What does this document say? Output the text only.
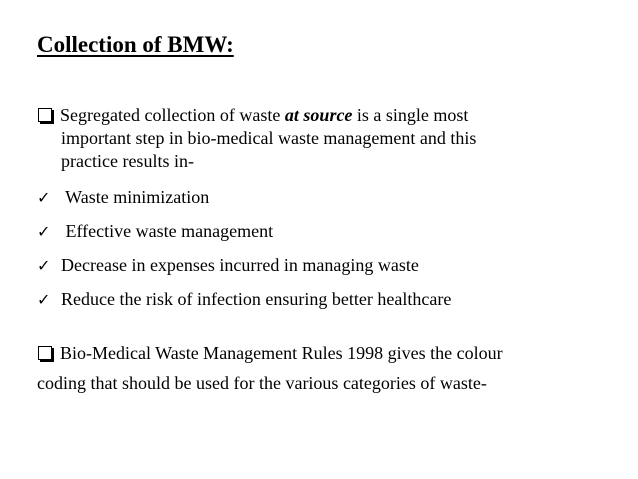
Collection of BMW:
Segregated collection of waste at source is a single most
important step in bio-medical waste management and this
practice results in-
✓ Waste minimization
✓ Effective waste management
✓ Decrease in expenses incurred in managing waste
✓ Reduce the risk of infection ensuring better healthcare
Bio-Medical Waste Management Rules 1998 gives the colour
coding that should be used for the various categories of waste-
